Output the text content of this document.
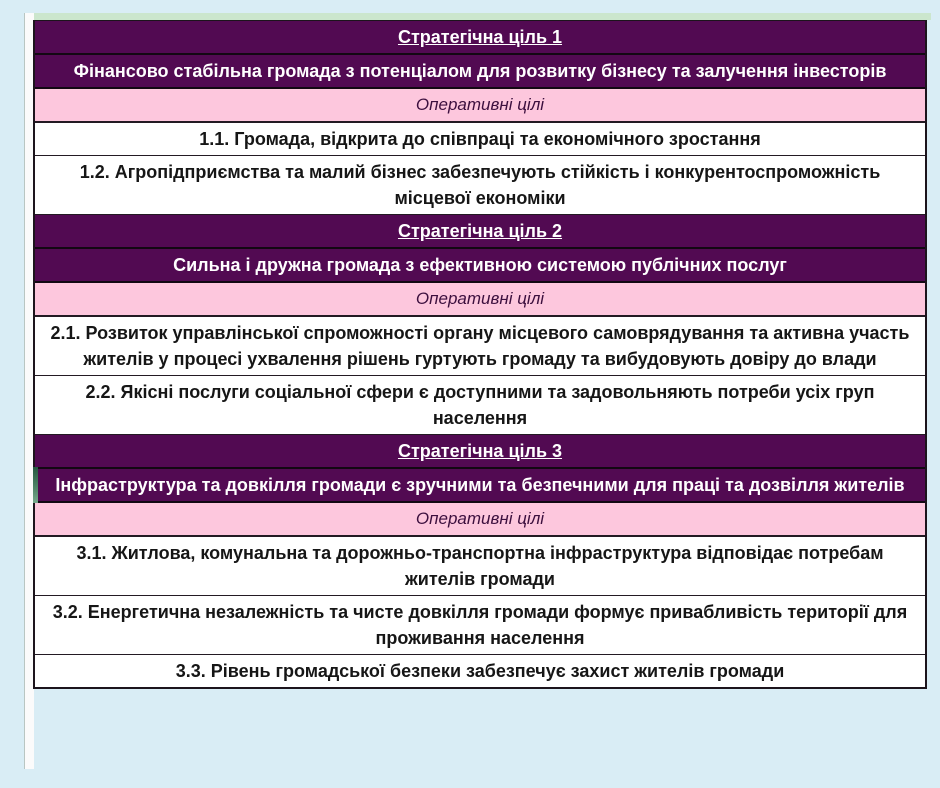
Стратегічна ціль 1
Фінансово стабільна громада з потенціалом для розвитку бізнесу та залучення інвесторів
Оперативні цілі
1.1. Громада, відкрита до співпраці та економічного зростання
1.2. Агропідприємства та малий бізнес забезпечують стійкість і конкурентоспроможність місцевої економіки
Стратегічна ціль 2
Сильна і дружна громада з ефективною системою публічних послуг
Оперативні цілі
2.1. Розвиток управлінської спроможності органу місцевого самоврядування та активна участь жителів у процесі ухвалення рішень гуртують громаду та вибудовують довіру до влади
2.2. Якісні послуги соціальної сфери є доступними та задовольняють потреби усіх груп населення
Стратегічна ціль 3
Інфраструктура та довкілля громади є зручними та безпечними для праці та дозвілля жителів
Оперативні цілі
3.1. Житлова, комунальна та дорожньо-транспортна інфраструктура відповідає потребам жителів громади
3.2. Енергетична незалежність та чисте довкілля громади формує привабливість території для проживання населення
3.3. Рівень громадської безпеки забезпечує захист жителів громади
